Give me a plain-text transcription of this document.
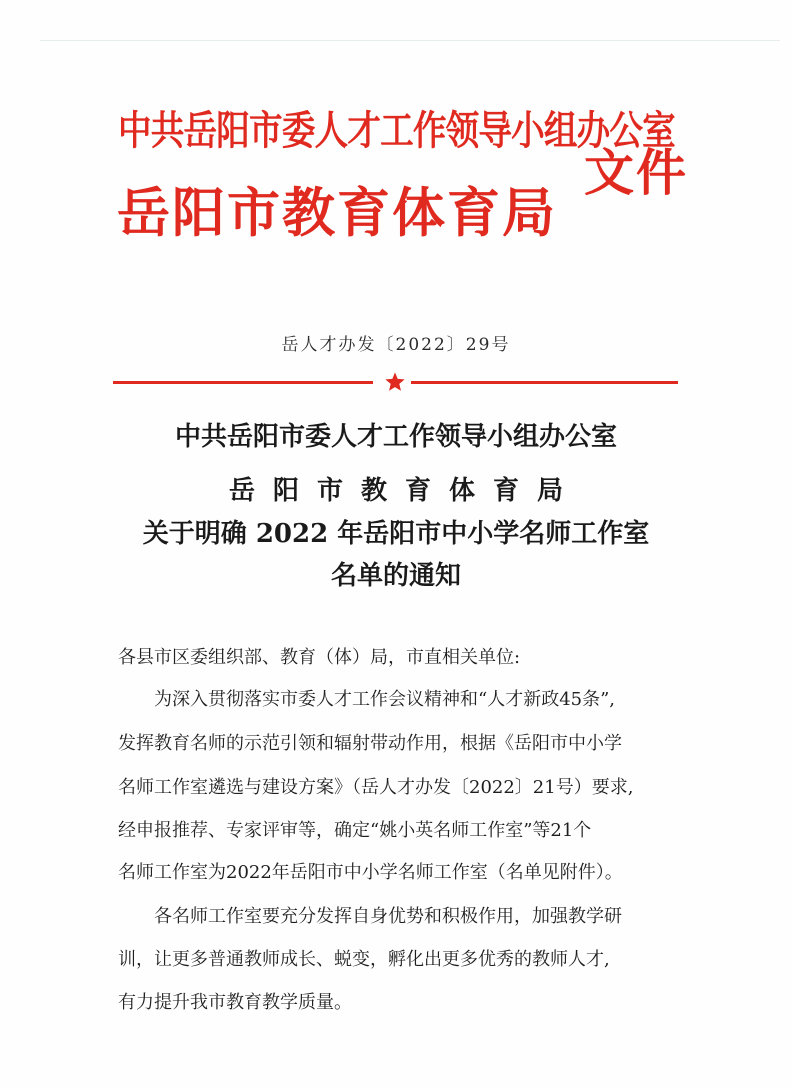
中共岳阳市委人才工作领导小组办公室
岳阳市教育体育局
文件
岳人才办发〔2022〕29号
中共岳阳市委人才工作领导小组办公室
岳阳市教育体育局
关于明确 2022 年岳阳市中小学名师工作室
名单的通知
各县市区委组织部、教育（体）局，市直相关单位:
为深入贯彻落实市委人才工作会议精神和“人才新政45条”,
发挥教育名师的示范引领和辐射带动作用，根据《岳阳市中小学
名师工作室遴选与建设方案》（岳人才办发〔2022〕21号）要求,
经申报推荐、专家评审等，确定“姚小英名师工作室”等21个
名师工作室为2022年岳阳市中小学名师工作室（名单见附件）。
各名师工作室要充分发挥自身优势和积极作用，加强教学研
训，让更多普通教师成长、蜕变，孵化出更多优秀的教师人才,
有力提升我市教育教学质量。
